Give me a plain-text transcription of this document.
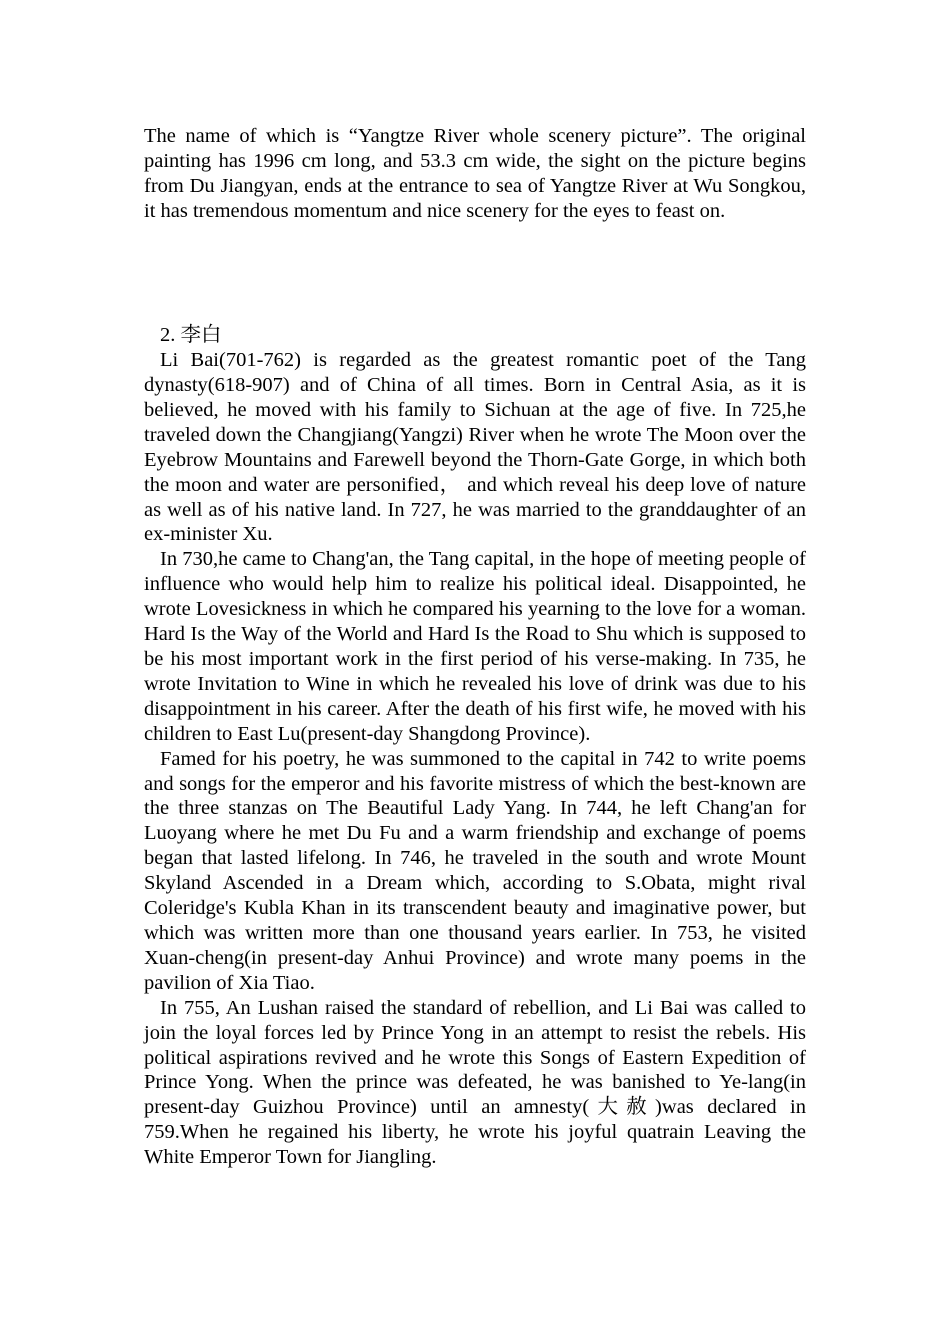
The name of which is “Yangtze River whole scenery picture”. The original painting has 1996 cm long, and 53.3 cm wide, the sight on the picture begins from Du Jiangyan, ends at the entrance to sea of Yangtze River at Wu Songkou, it has tremendous momentum and nice scenery for the eyes to feast on.

2. 李白

Li Bai(701-762) is regarded as the greatest romantic poet of the Tang dynasty(618-907) and of China of all times. Born in Central Asia, as it is believed, he moved with his family to Sichuan at the age of five. In 725,he traveled down the Changjiang(Yangzi) River when he wrote The Moon over the Eyebrow Mountains and Farewell beyond the Thorn-Gate Gorge, in which both the moon and water are personified， and which reveal his deep love of nature as well as of his native land. In 727, he was married to the granddaughter of an ex-minister Xu.

In 730,he came to Chang'an, the Tang capital, in the hope of meeting people of influence who would help him to realize his political ideal. Disappointed, he wrote Lovesickness in which he compared his yearning to the love for a woman. Hard Is the Way of the World and Hard Is the Road to Shu which is supposed to be his most important work in the first period of his verse-making. In 735, he wrote Invitation to Wine in which he revealed his love of drink was due to his disappointment in his career. After the death of his first wife, he moved with his children to East Lu(present-day Shangdong Province).

Famed for his poetry, he was summoned to the capital in 742 to write poems and songs for the emperor and his favorite mistress of which the best-known are the three stanzas on The Beautiful Lady Yang. In 744, he left Chang'an for Luoyang where he met Du Fu and a warm friendship and exchange of poems began that lasted lifelong. In 746, he traveled in the south and wrote Mount Skyland Ascended in a Dream which, according to S.Obata, might rival Coleridge's Kubla Khan in its transcendent beauty and imaginative power, but which was written more than one thousand years earlier. In 753, he visited Xuan-cheng(in present-day Anhui Province) and wrote many poems in the pavilion of Xia Tiao.

In 755, An Lushan raised the standard of rebellion, and Li Bai was called to join the loyal forces led by Prince Yong in an attempt to resist the rebels. His political aspirations revived and he wrote this Songs of Eastern Expedition of Prince Yong. When the prince was defeated, he was banished to Ye-lang(in present-day Guizhou Province) until an amnesty(大赦)was declared in 759.When he regained his liberty, he wrote his joyful quatrain Leaving the White Emperor Town for Jiangling.
